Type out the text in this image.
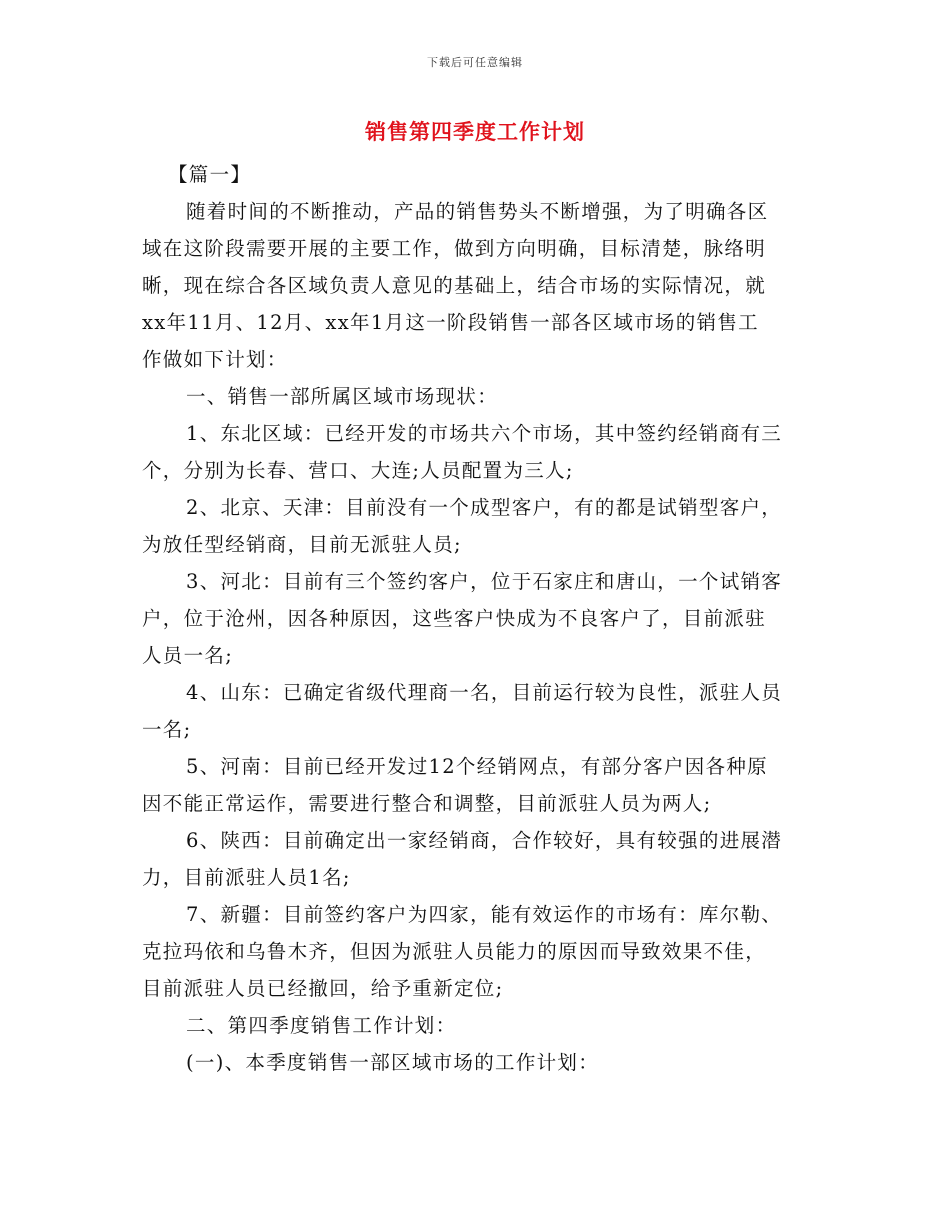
下载后可任意编辑
销售第四季度工作计划
【篇一】
随着时间的不断推动，产品的销售势头不断增强，为了明确各区
域在这阶段需要开展的主要工作，做到方向明确，目标清楚，脉络明
晰，现在综合各区域负责人意见的基础上，结合市场的实际情况，就
xx年11月、12月、xx年1月这一阶段销售一部各区域市场的销售工
作做如下计划：
一、销售一部所属区域市场现状：
1、东北区域：已经开发的市场共六个市场，其中签约经销商有三
个，分别为长春、营口、大连;人员配置为三人;
2、北京、天津：目前没有一个成型客户，有的都是试销型客户，
为放任型经销商，目前无派驻人员;
3、河北：目前有三个签约客户，位于石家庄和唐山，一个试销客
户，位于沧州，因各种原因，这些客户快成为不良客户了，目前派驻
人员一名;
4、山东：已确定省级代理商一名，目前运行较为良性，派驻人员
一名;
5、河南：目前已经开发过12个经销网点，有部分客户因各种原
因不能正常运作，需要进行整合和调整，目前派驻人员为两人;
6、陕西：目前确定出一家经销商，合作较好，具有较强的进展潜
力，目前派驻人员1名;
7、新疆：目前签约客户为四家，能有效运作的市场有：库尔勒、
克拉玛依和乌鲁木齐，但因为派驻人员能力的原因而导致效果不佳，
目前派驻人员已经撤回，给予重新定位;
二、第四季度销售工作计划：
(一)、本季度销售一部区域市场的工作计划：
